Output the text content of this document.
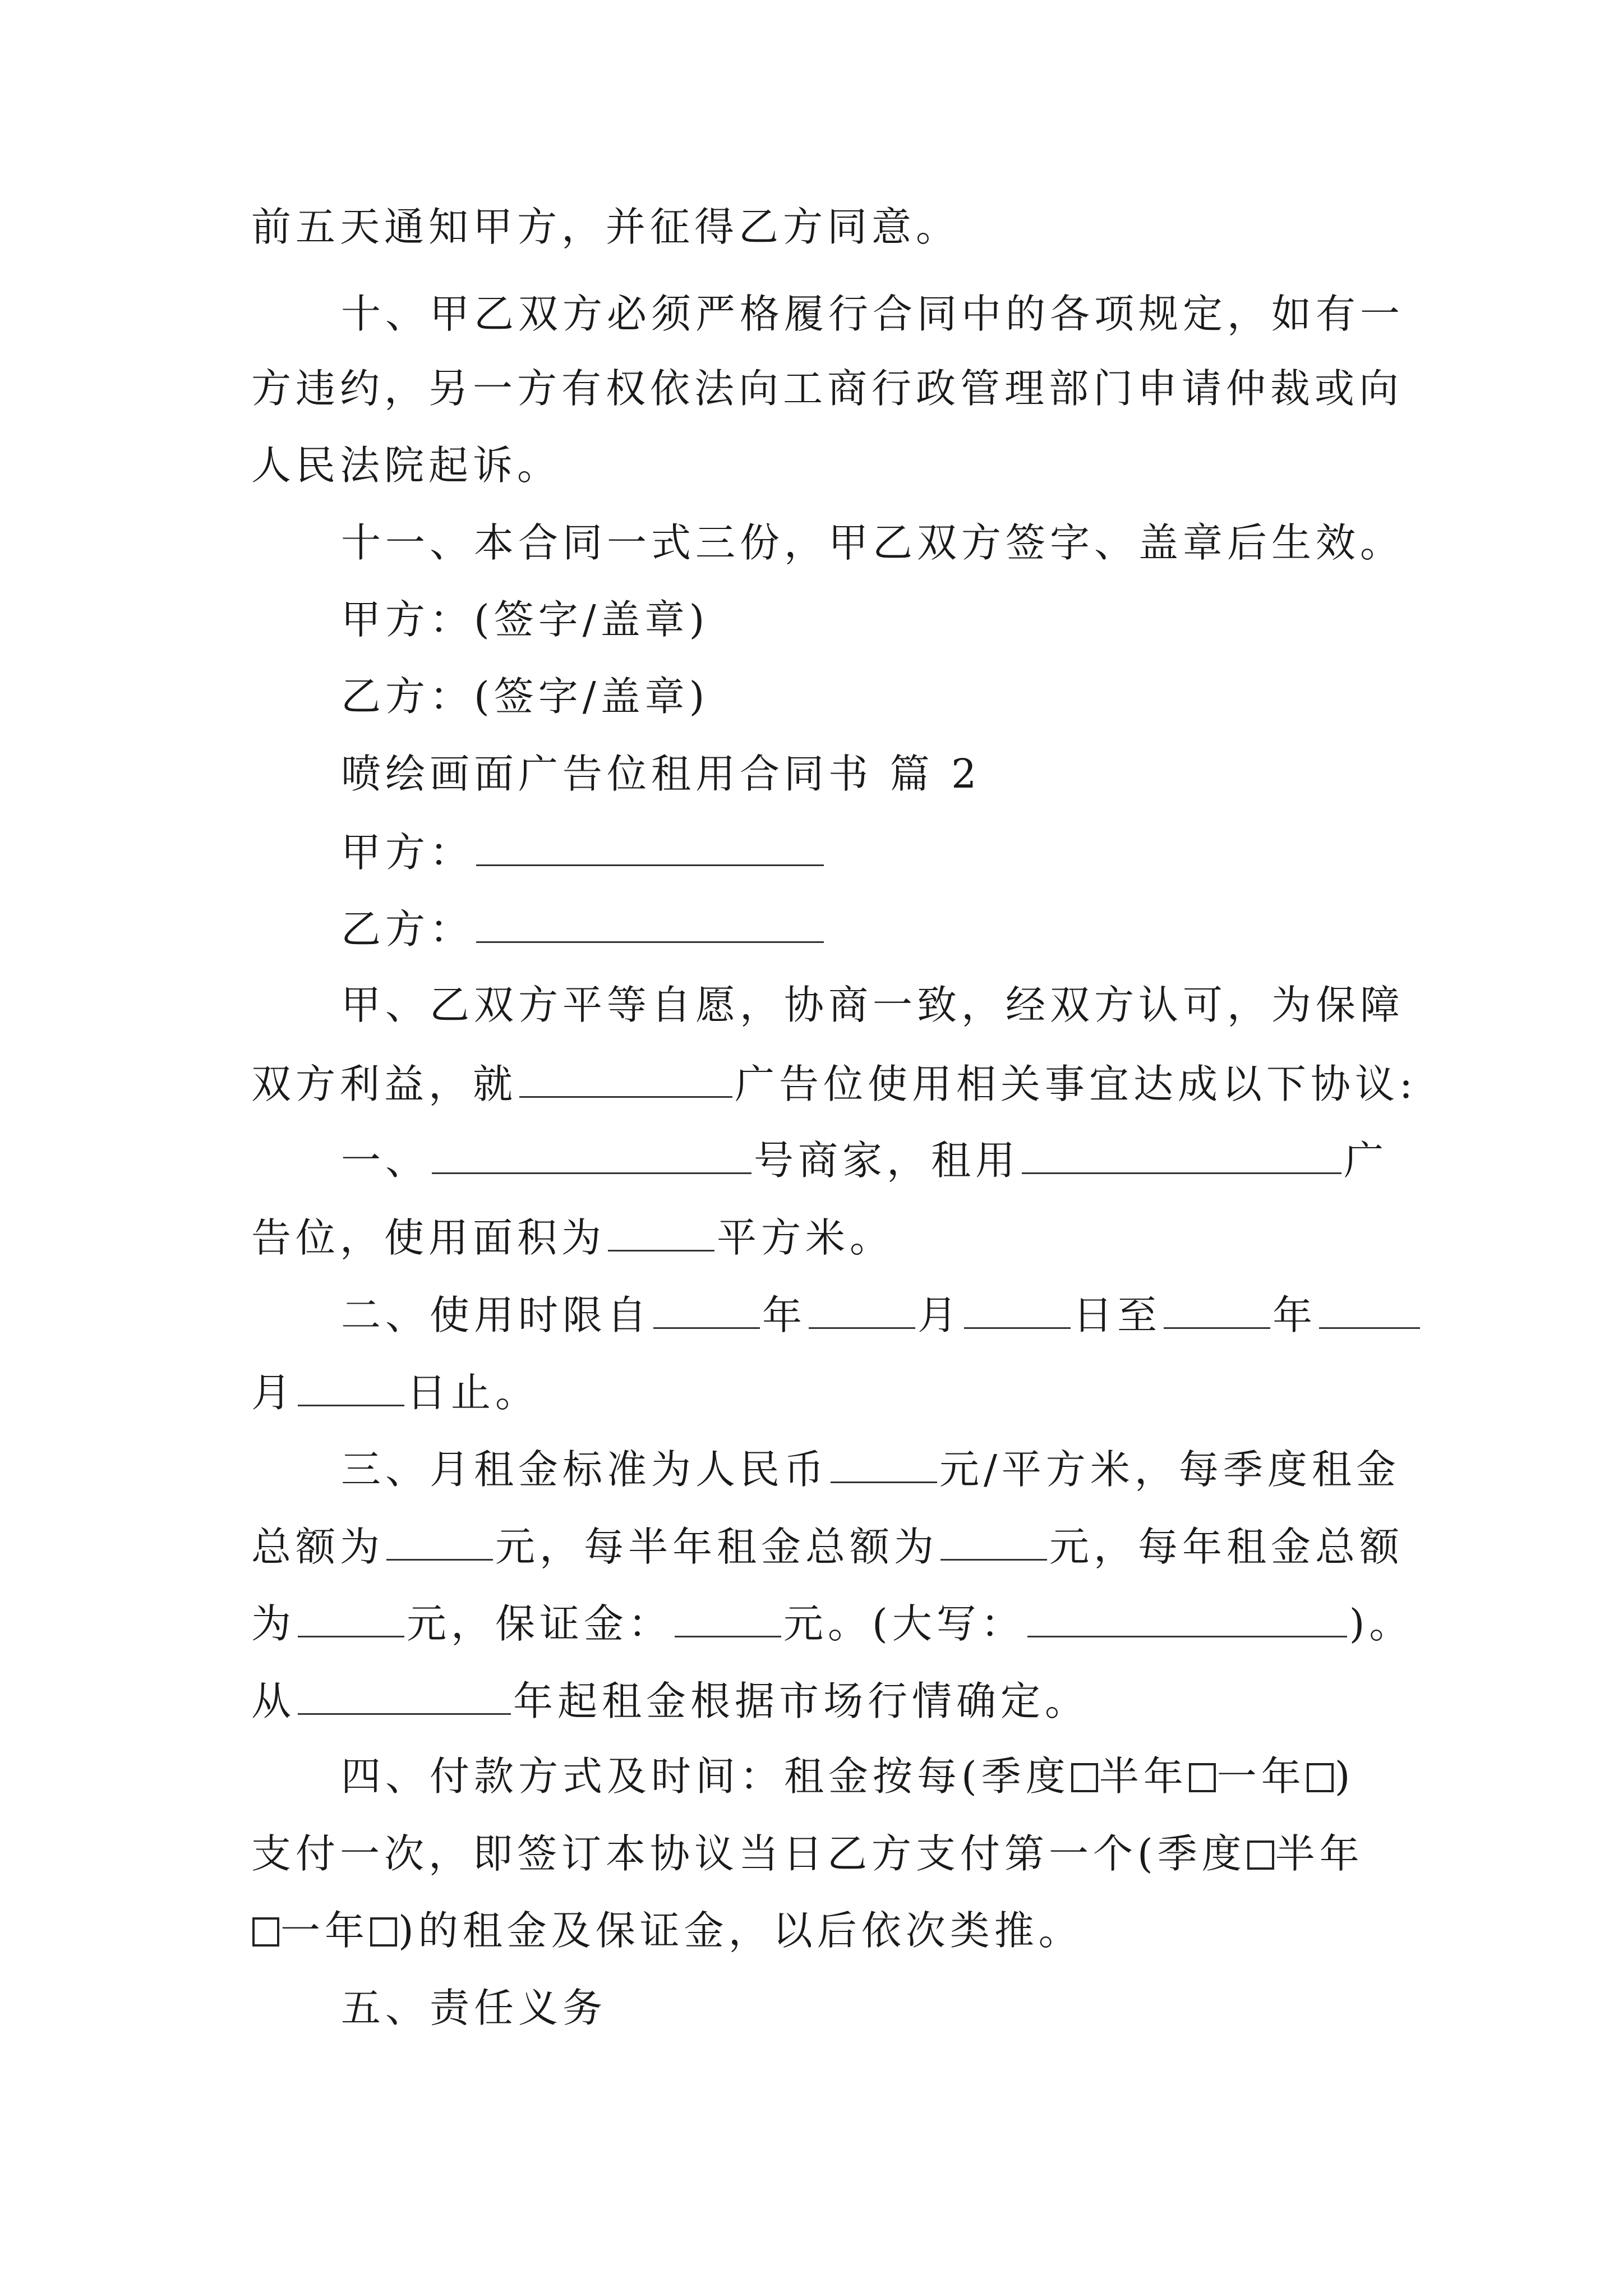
前五天通知甲方，并征得乙方同意。
十、甲乙双方必须严格履行合同中的各项规定，如有一
方违约，另一方有权依法向工商行政管理部门申请仲裁或向
人民法院起诉。
十一、本合同一式三份，甲乙双方签字、盖章后生效。
甲方：(签字/盖章)
乙方：(签字/盖章)
喷绘画面广告位租用合同书 篇 2
甲方：
乙方：
甲、乙双方平等自愿，协商一致，经双方认可，为保障
双方利益，就	广告位使用相关事宜达成以下协议:
一、	号商家，租用	广
告位，使用面积为	平方米。
二、使用时限自	年	月	日至	年
月	日止。
三、月租金标准为人民币	元/平方米，每季度租金
总额为	元，每半年租金总额为	元，每年租金总额
为	元，保证金：	元。(大写：	)。
从	年起租金根据市场行情确定。
四、付款方式及时间：租金按每(季度 半年 一年 )
支付一次，即签订本协议当日乙方支付第一个(季度 半年
一年 )的租金及保证金，以后依次类推。
五、责任义务
